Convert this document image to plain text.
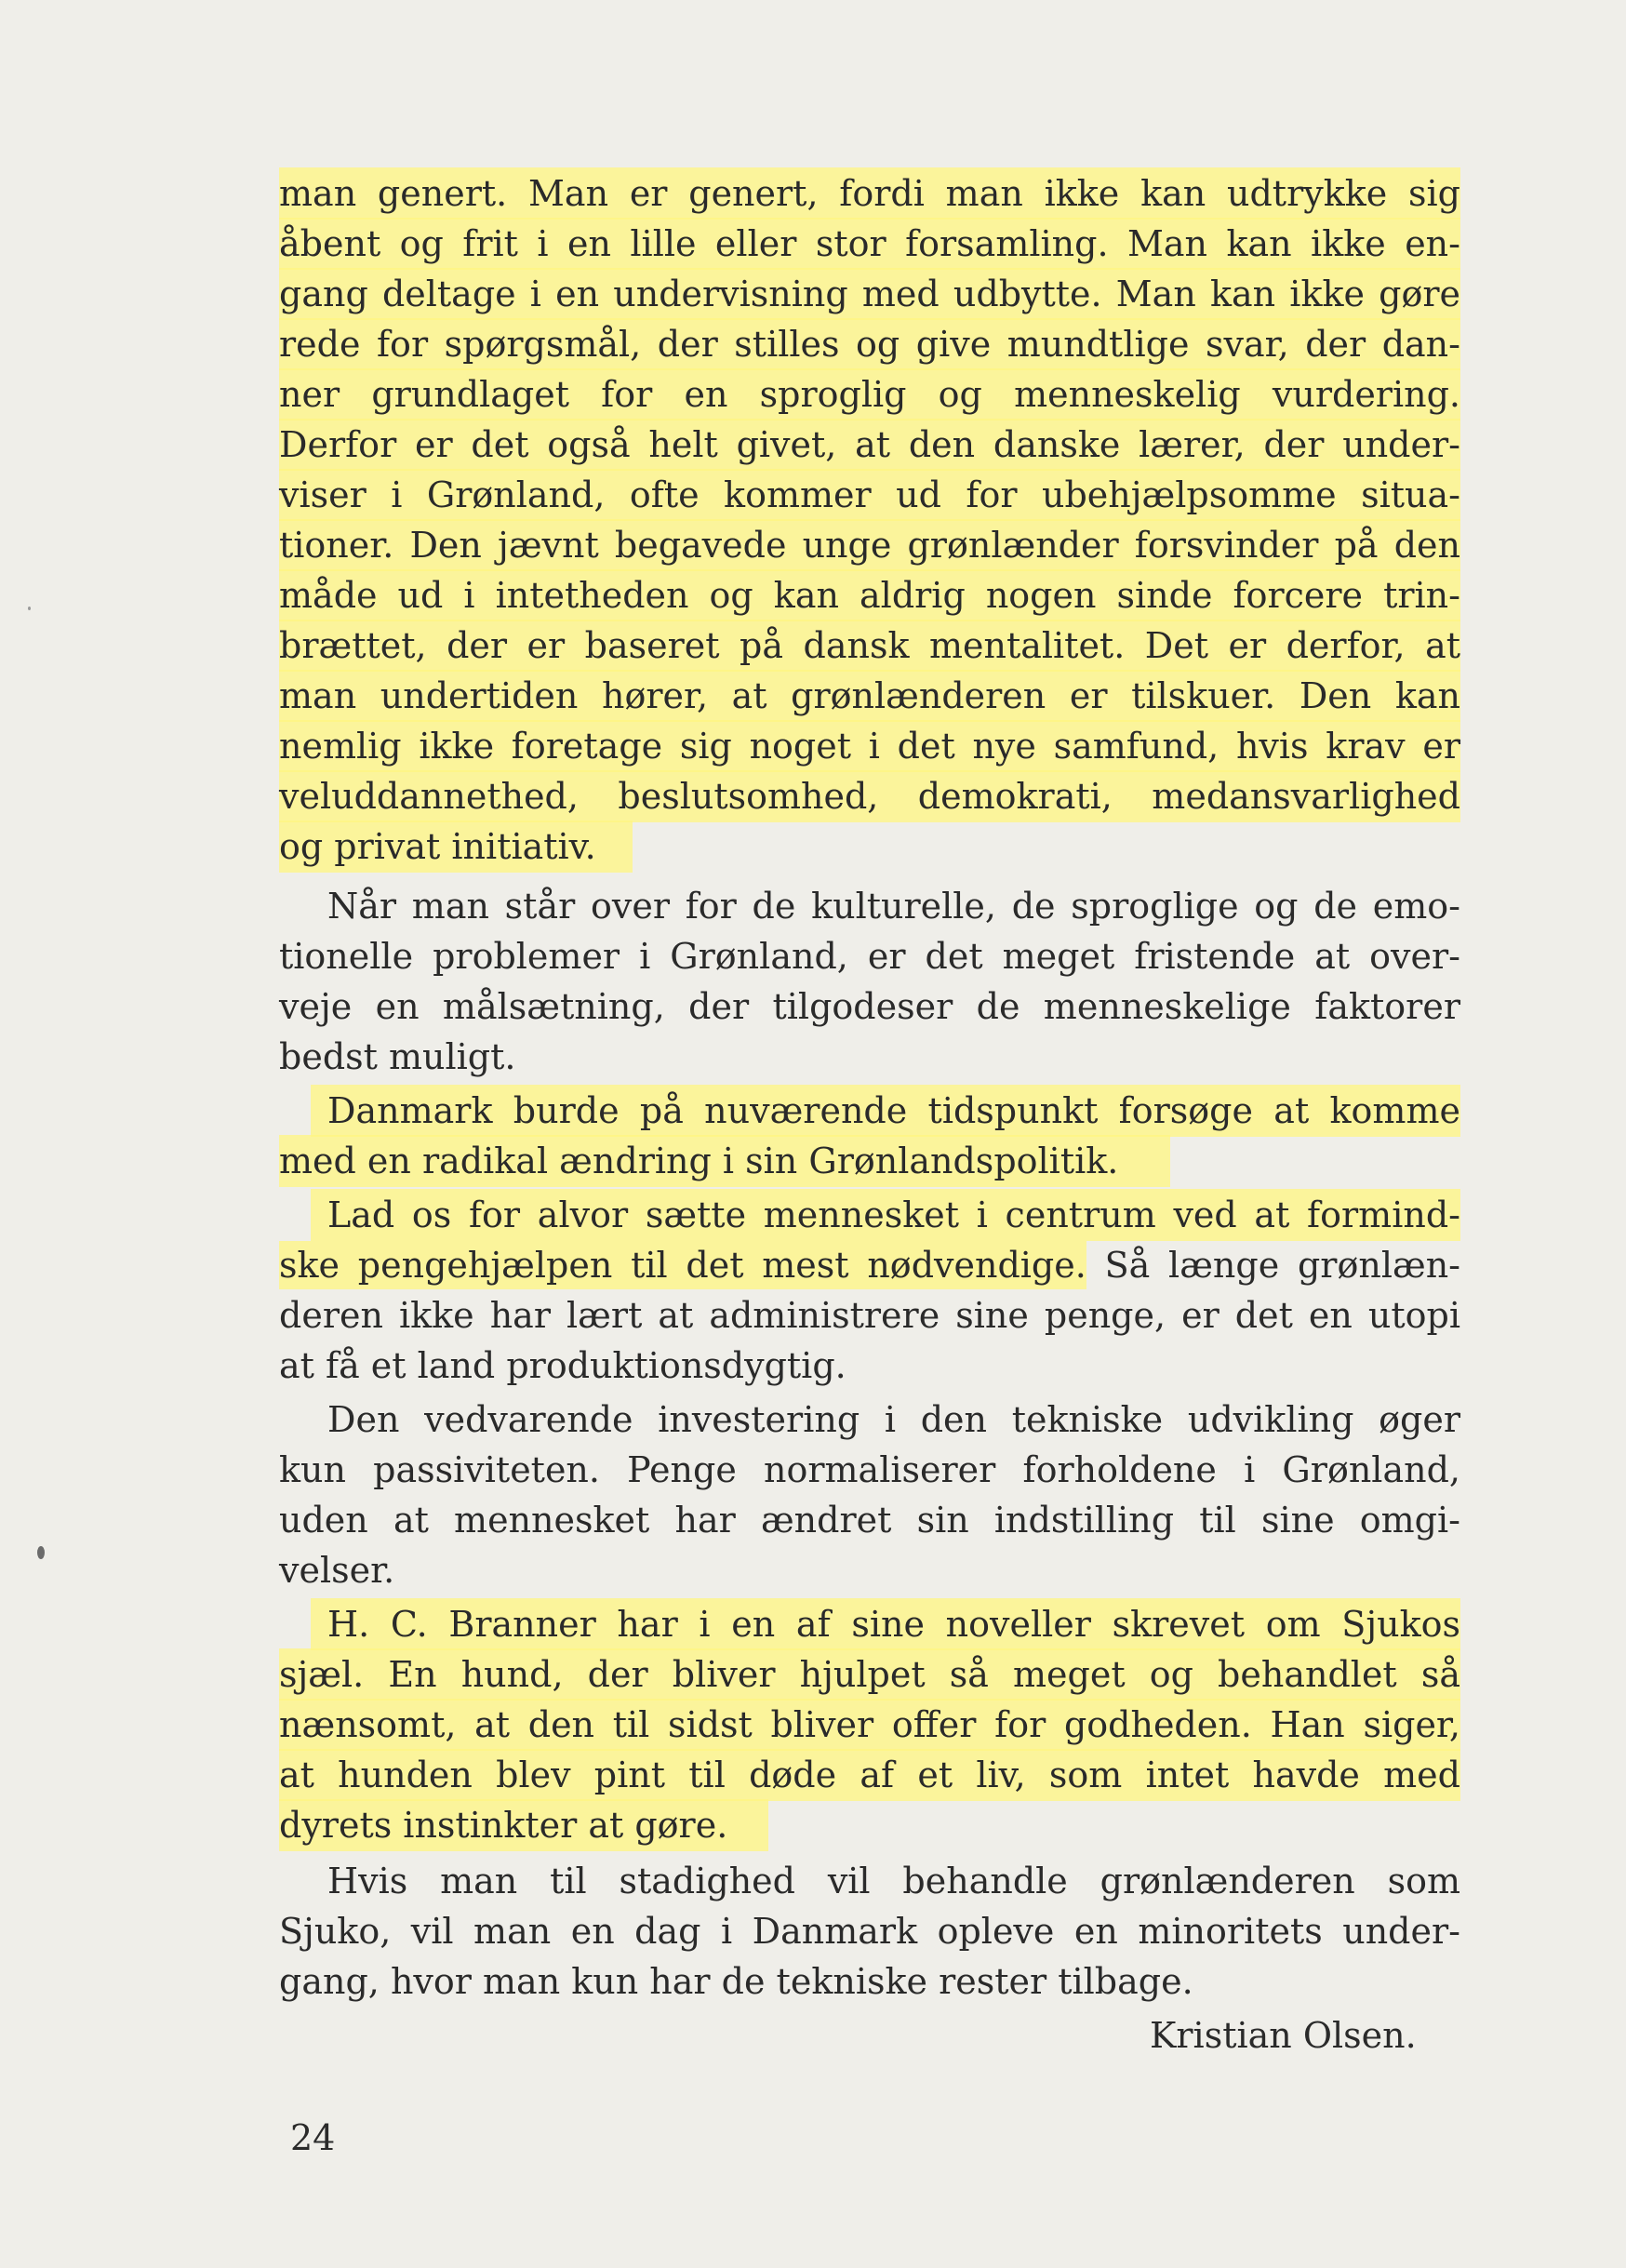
man genert. Man er genert, fordi man ikke kan udtrykke sig
åbent og frit i en lille eller stor forsamling. Man kan ikke en-
gang deltage i en undervisning med udbytte. Man kan ikke gøre
rede for spørgsmål, der stilles og give mundtlige svar, der dan-
ner grundlaget for en sproglig og menneskelig vurdering.
Derfor er det også helt givet, at den danske lærer, der under-
viser i Grønland, ofte kommer ud for ubehjælpsomme situa-
tioner. Den jævnt begavede unge grønlænder forsvinder på den
måde ud i intetheden og kan aldrig nogen sinde forcere trin-
brættet, der er baseret på dansk mentalitet. Det er derfor, at
man undertiden hører, at grønlænderen er tilskuer. Den kan
nemlig ikke foretage sig noget i det nye samfund, hvis krav er
veluddannethed, beslutsomhed, demokrati, medansvarlighed
og privat initiativ.
Når man står over for de kulturelle, de sproglige og de emo-
tionelle problemer i Grønland, er det meget fristende at over-
veje en målsætning, der tilgodeser de menneskelige faktorer
bedst muligt.
Danmark burde på nuværende tidspunkt forsøge at komme
med en radikal ændring i sin Grønlandspolitik.
Lad os for alvor sætte mennesket i centrum ved at formind-
ske pengehjælpen til det mest nødvendige. Så længe grønlæn-
deren ikke har lært at administrere sine penge, er det en utopi
at få et land produktionsdygtig.
Den vedvarende investering i den tekniske udvikling øger
kun passiviteten. Penge normaliserer forholdene i Grønland,
uden at mennesket har ændret sin indstilling til sine omgi-
velser.
H. C. Branner har i en af sine noveller skrevet om Sjukos
sjæl. En hund, der bliver hjulpet så meget og behandlet så
nænsomt, at den til sidst bliver offer for godheden. Han siger,
at hunden blev pint til døde af et liv, som intet havde med
dyrets instinkter at gøre.
Hvis man til stadighed vil behandle grønlænderen som
Sjuko, vil man en dag i Danmark opleve en minoritets under-
gang, hvor man kun har de tekniske rester tilbage.
Kristian Olsen.
24
